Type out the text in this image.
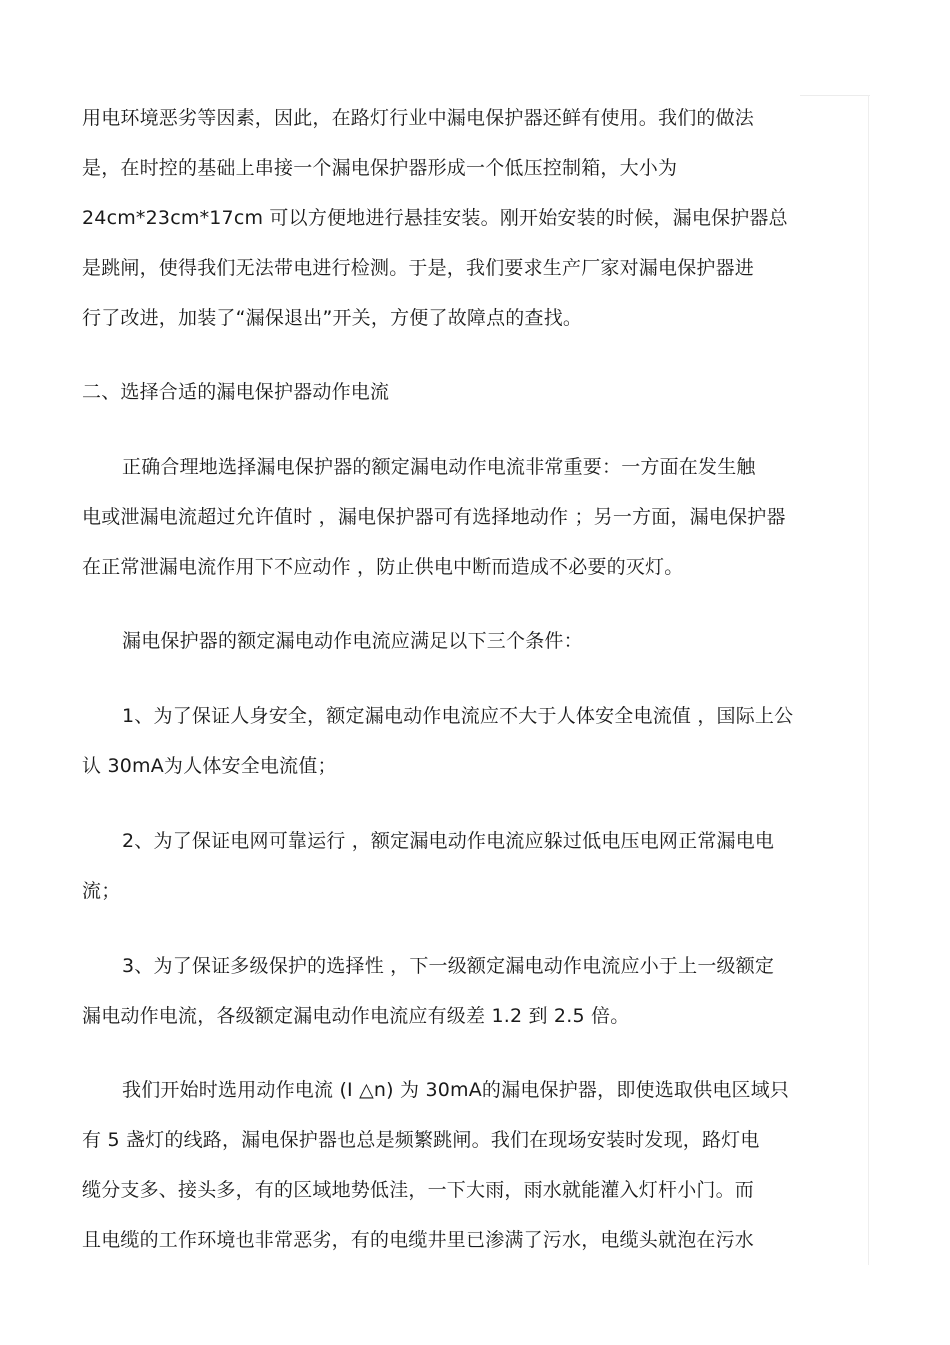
用电环境恶劣等因素，因此，在路灯行业中漏电保护器还鲜有使用。我们的做法
是，在时控的基础上串接一个漏电保护器形成一个低压控制箱，大小为
24cm*23cm*17cm 可以方便地进行悬挂安装。刚开始安装的时候，漏电保护器总
是跳闸，使得我们无法带电进行检测。于是，我们要求生产厂家对漏电保护器进
行了改进，加装了“漏保退出”开关，方便了故障点的查找。
二、选择合适的漏电保护器动作电流
正确合理地选择漏电保护器的额定漏电动作电流非常重要：一方面在发生触
电或泄漏电流超过允许值时 ，漏电保护器可有选择地动作 ；另一方面，漏电保护器
在正常泄漏电流作用下不应动作 ，防止供电中断而造成不必要的灭灯。
漏电保护器的额定漏电动作电流应满足以下三个条件：
1、为了保证人身安全，额定漏电动作电流应不大于人体安全电流值 ，国际上公
认 30mA为人体安全电流值；
2、为了保证电网可靠运行 ，额定漏电动作电流应躲过低电压电网正常漏电电
流；
3、为了保证多级保护的选择性 ，下一级额定漏电动作电流应小于上一级额定
漏电动作电流，各级额定漏电动作电流应有级差 1.2 到 2.5 倍。
我们开始时选用动作电流 (I △n) 为 30mA的漏电保护器，即使选取供电区域只
有 5 盏灯的线路，漏电保护器也总是频繁跳闸。我们在现场安装时发现，路灯电
缆分支多、接头多，有的区域地势低洼，一下大雨，雨水就能灌入灯杆小门。而
且电缆的工作环境也非常恶劣，有的电缆井里已渗满了污水，电缆头就泡在污水
